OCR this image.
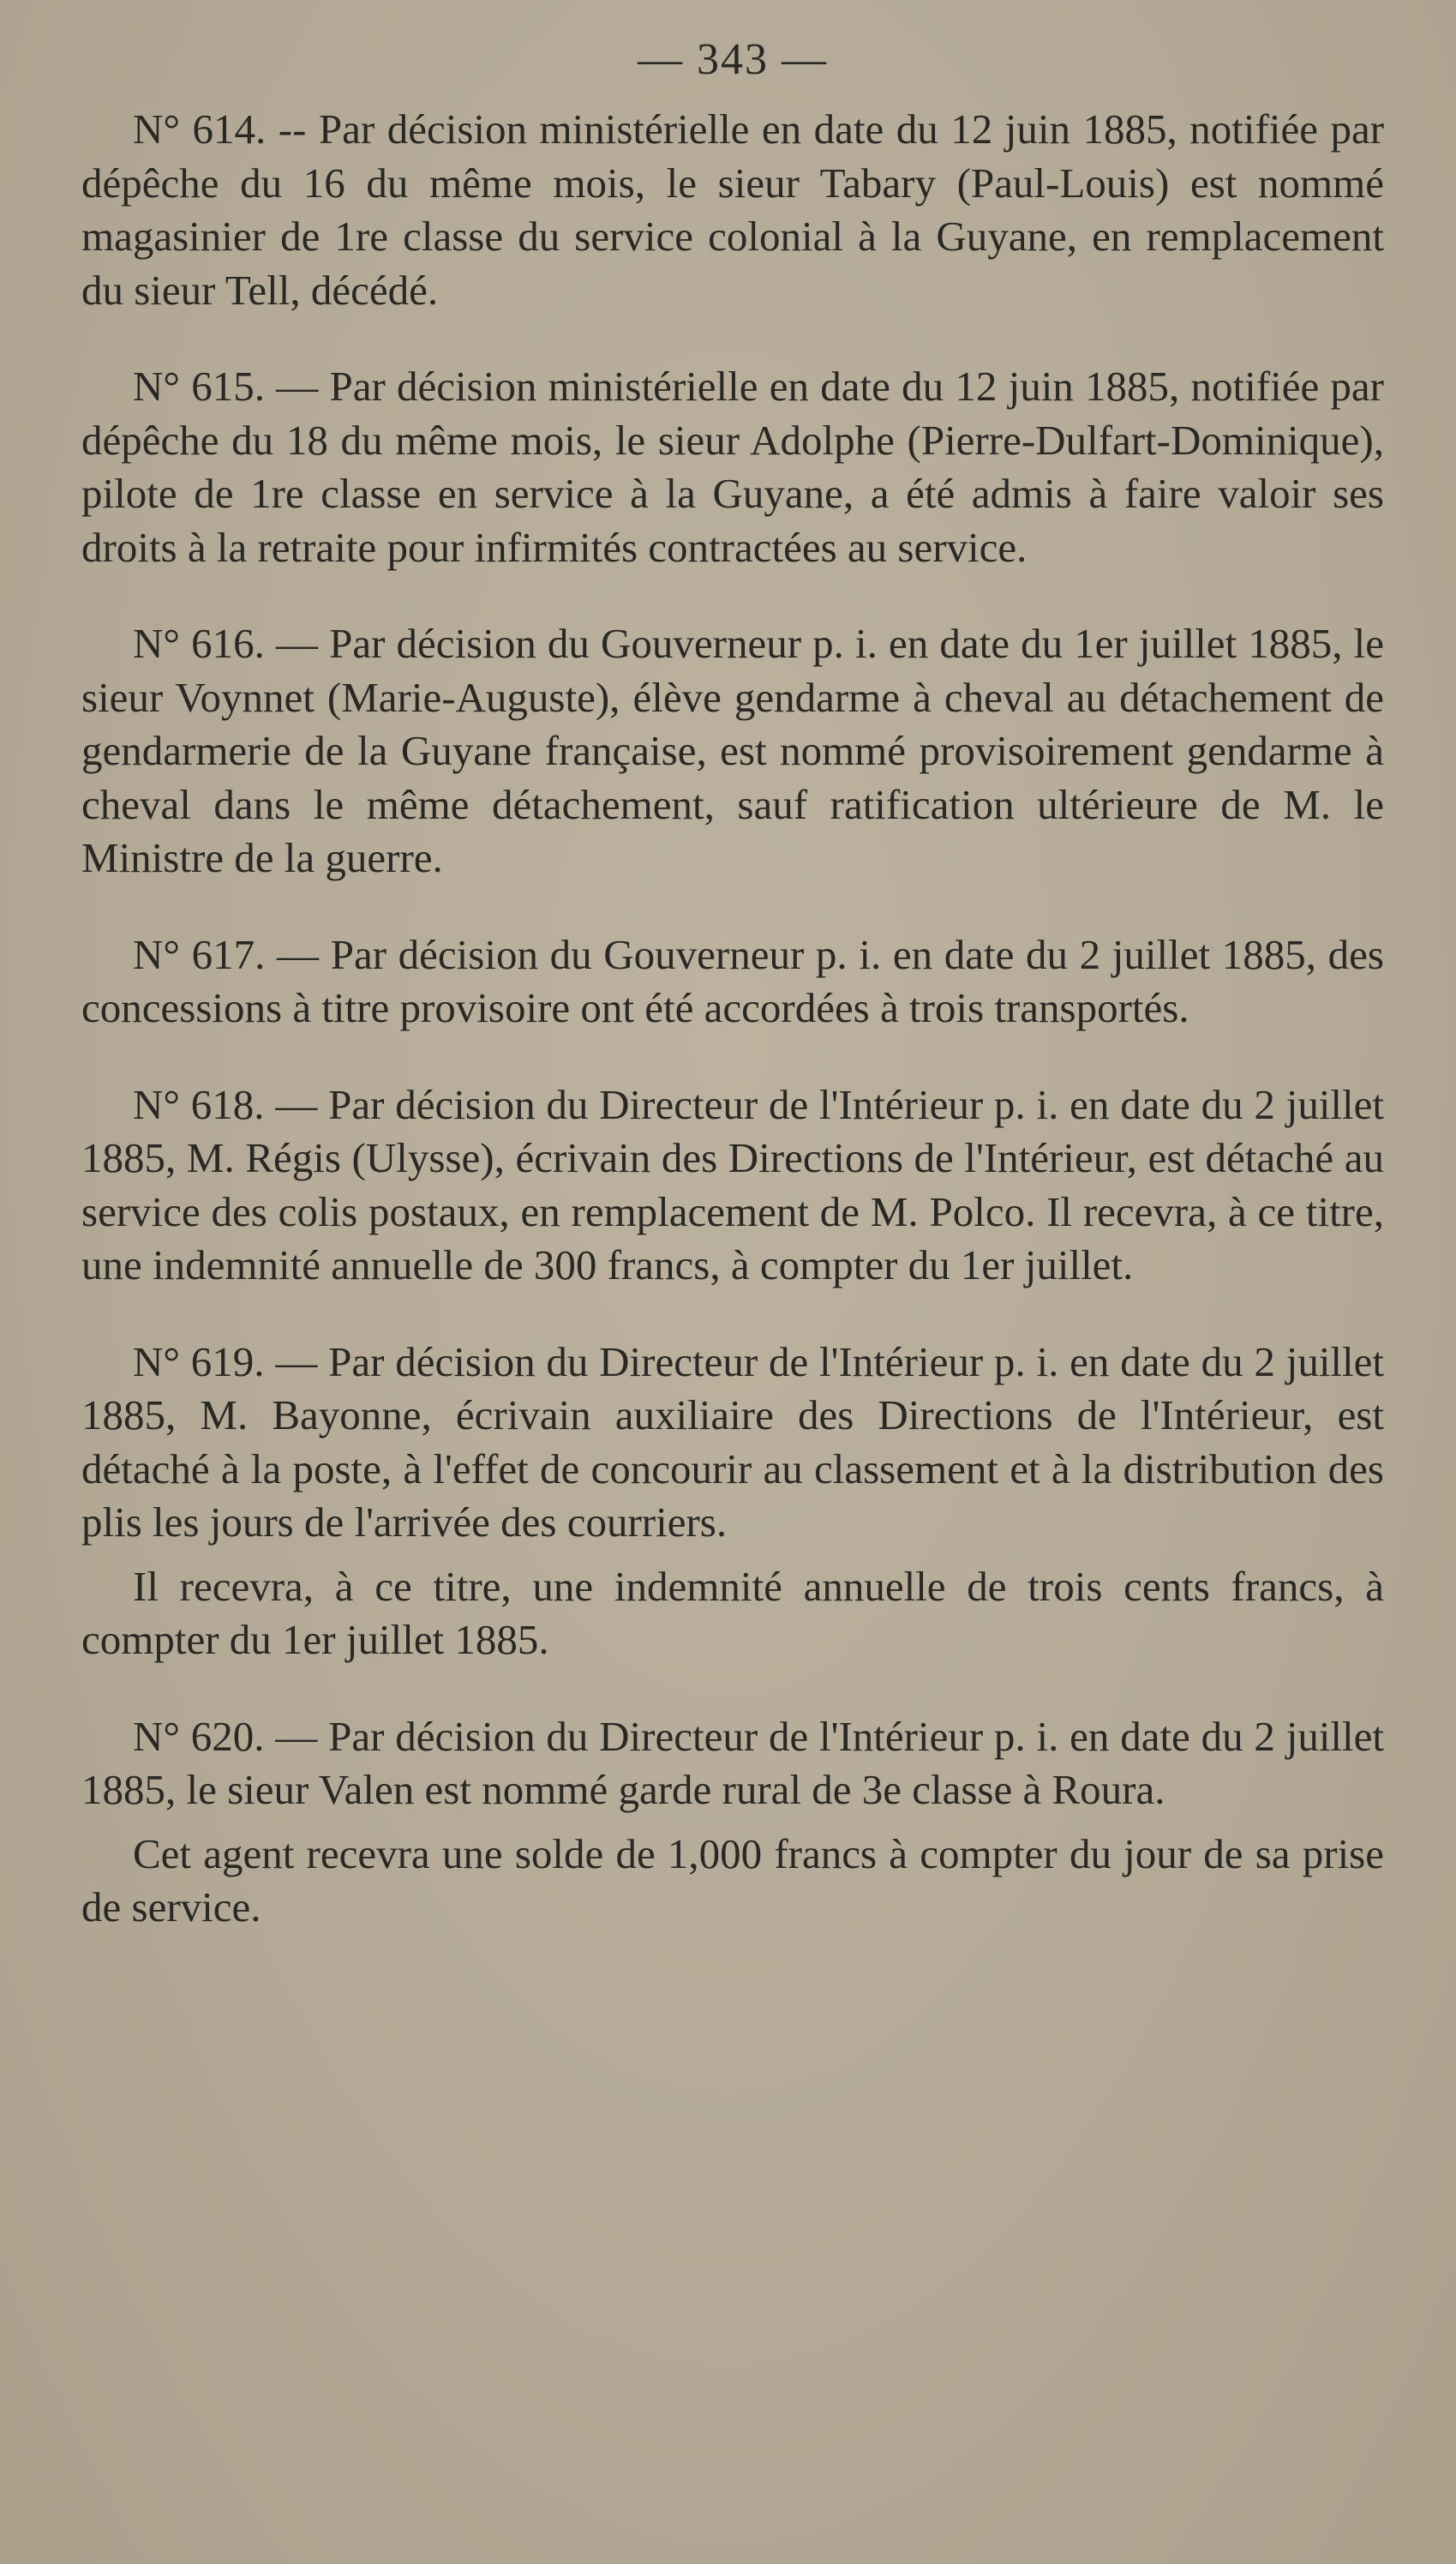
— 343 —

N° 614. -- Par décision ministérielle en date du 12 juin 1885, notifiée par dépêche du 16 du même mois, le sieur Tabary (Paul-Louis) est nommé magasinier de 1re classe du service colonial à la Guyane, en remplacement du sieur Tell, décédé.

N° 615. — Par décision ministérielle en date du 12 juin 1885, notifiée par dépêche du 18 du même mois, le sieur Adolphe (Pierre-Dulfart-Dominique), pilote de 1re classe en service à la Guyane, a été admis à faire valoir ses droits à la retraite pour infirmités contractées au service.

N° 616. — Par décision du Gouverneur p. i. en date du 1er juillet 1885, le sieur Voynnet (Marie-Auguste), élève gendarme à cheval au détachement de gendarmerie de la Guyane française, est nommé provisoirement gendarme à cheval dans le même détachement, sauf ratification ultérieure de M. le Ministre de la guerre.

N° 617. — Par décision du Gouverneur p. i. en date du 2 juillet 1885, des concessions à titre provisoire ont été accordées à trois transportés.

N° 618. — Par décision du Directeur de l'Intérieur p. i. en date du 2 juillet 1885, M. Régis (Ulysse), écrivain des Directions de l'Intérieur, est détaché au service des colis postaux, en remplacement de M. Polco. Il recevra, à ce titre, une indemnité annuelle de 300 francs, à compter du 1er juillet.

N° 619. — Par décision du Directeur de l'Intérieur p. i. en date du 2 juillet 1885, M. Bayonne, écrivain auxiliaire des Directions de l'Intérieur, est détaché à la poste, à l'effet de concourir au classement et à la distribution des plis les jours de l'arrivée des courriers.

Il recevra, à ce titre, une indemnité annuelle de trois cents francs, à compter du 1er juillet 1885.

N° 620. — Par décision du Directeur de l'Intérieur p. i. en date du 2 juillet 1885, le sieur Valen est nommé garde rural de 3e classe à Roura.

Cet agent recevra une solde de 1,000 francs à compter du jour de sa prise de service.
